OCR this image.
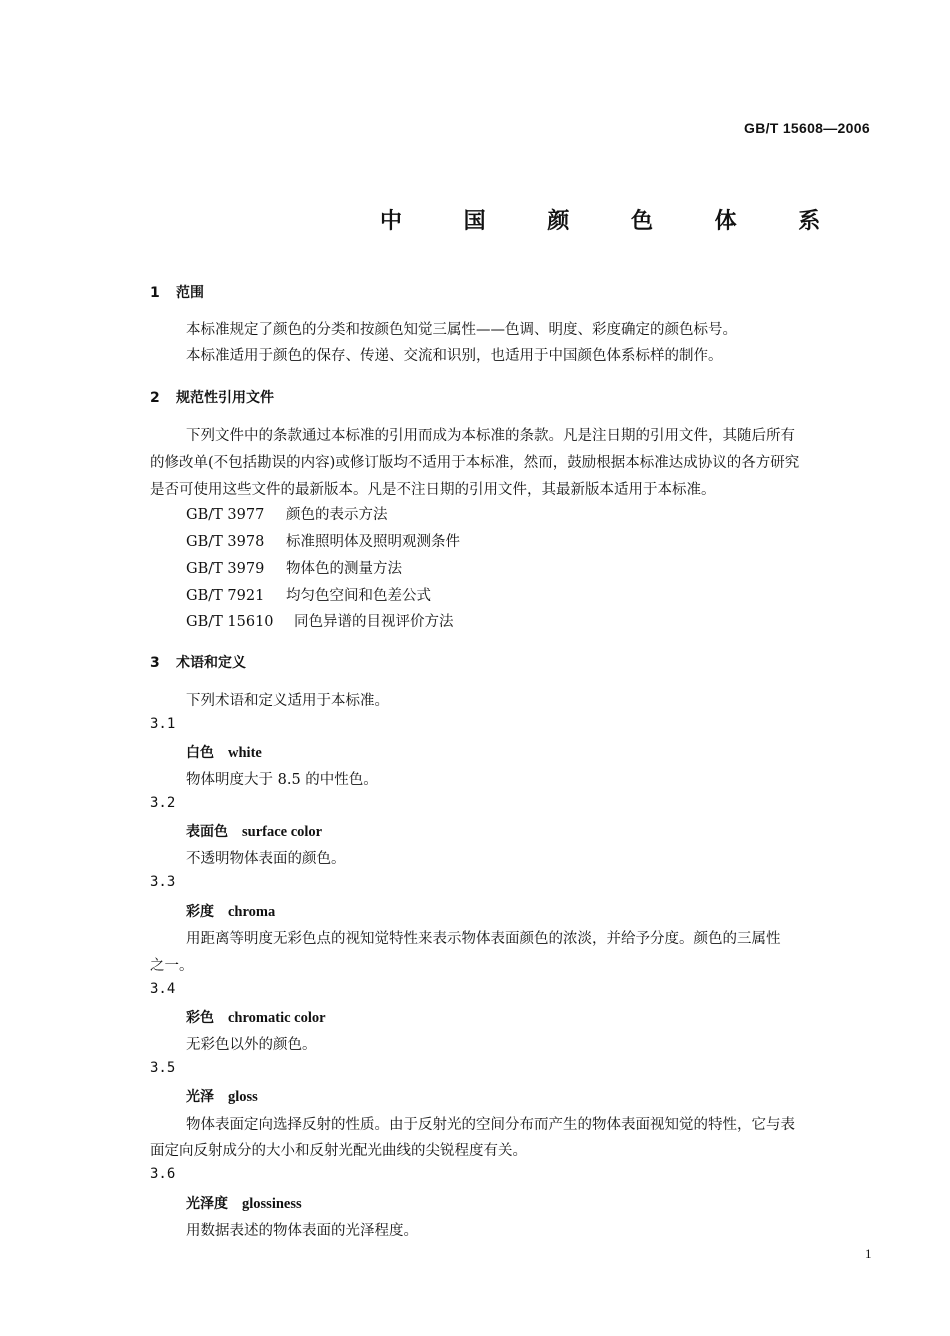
GB/T 15608—2006
中 国 颜 色 体 系
1 范围
本标准规定了颜色的分类和按颜色知觉三属性——色调、明度、彩度确定的颜色标号。
本标准适用于颜色的保存、传递、交流和识别，也适用于中国颜色体系标样的制作。
2 规范性引用文件
下列文件中的条款通过本标准的引用而成为本标准的条款。凡是注日期的引用文件，其随后所有
的修改单(不包括勘误的内容)或修订版均不适用于本标准，然而，鼓励根据本标准达成协议的各方研究
是否可使用这些文件的最新版本。凡是不注日期的引用文件，其最新版本适用于本标准。
GB/T 3977 颜色的表示方法
GB/T 3978 标准照明体及照明观测条件
GB/T 3979 物体色的测量方法
GB/T 7921 均匀色空间和色差公式
GB/T 15610 同色异谱的目视评价方法
3 术语和定义
下列术语和定义适用于本标准。
3.1
白色 white
物体明度大于 8.5 的中性色。
3.2
表面色 surface color
不透明物体表面的颜色。
3.3
彩度 chroma
用距离等明度无彩色点的视知觉特性来表示物体表面颜色的浓淡，并给予分度。颜色的三属性
之一。
3.4
彩色 chromatic color
无彩色以外的颜色。
3.5
光泽 gloss
物体表面定向选择反射的性质。由于反射光的空间分布而产生的物体表面视知觉的特性，它与表
面定向反射成分的大小和反射光配光曲线的尖锐程度有关。
3.6
光泽度 glossiness
用数据表述的物体表面的光泽程度。
1
